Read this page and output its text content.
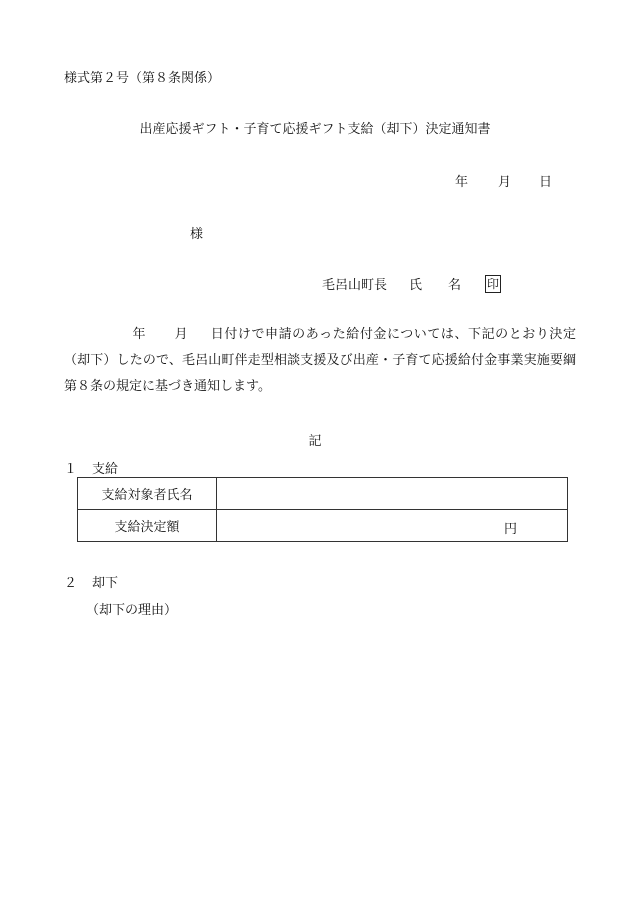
様式第２号（第８条関係）
出産応援ギフト・子育て応援ギフト支給（却下）決定通知書
年 月 日
様
毛呂山町長 氏 名 印
年 月 日付けで申請のあった給付金については、下記のとおり決定（却下）したので、毛呂山町伴走型相談支援及び出産・子育て応援給付金事業実施要綱第８条の規定に基づき通知します。
記
１ 支給
支給対象者氏名	
支給決定額	円
２ 却下
（却下の理由）
